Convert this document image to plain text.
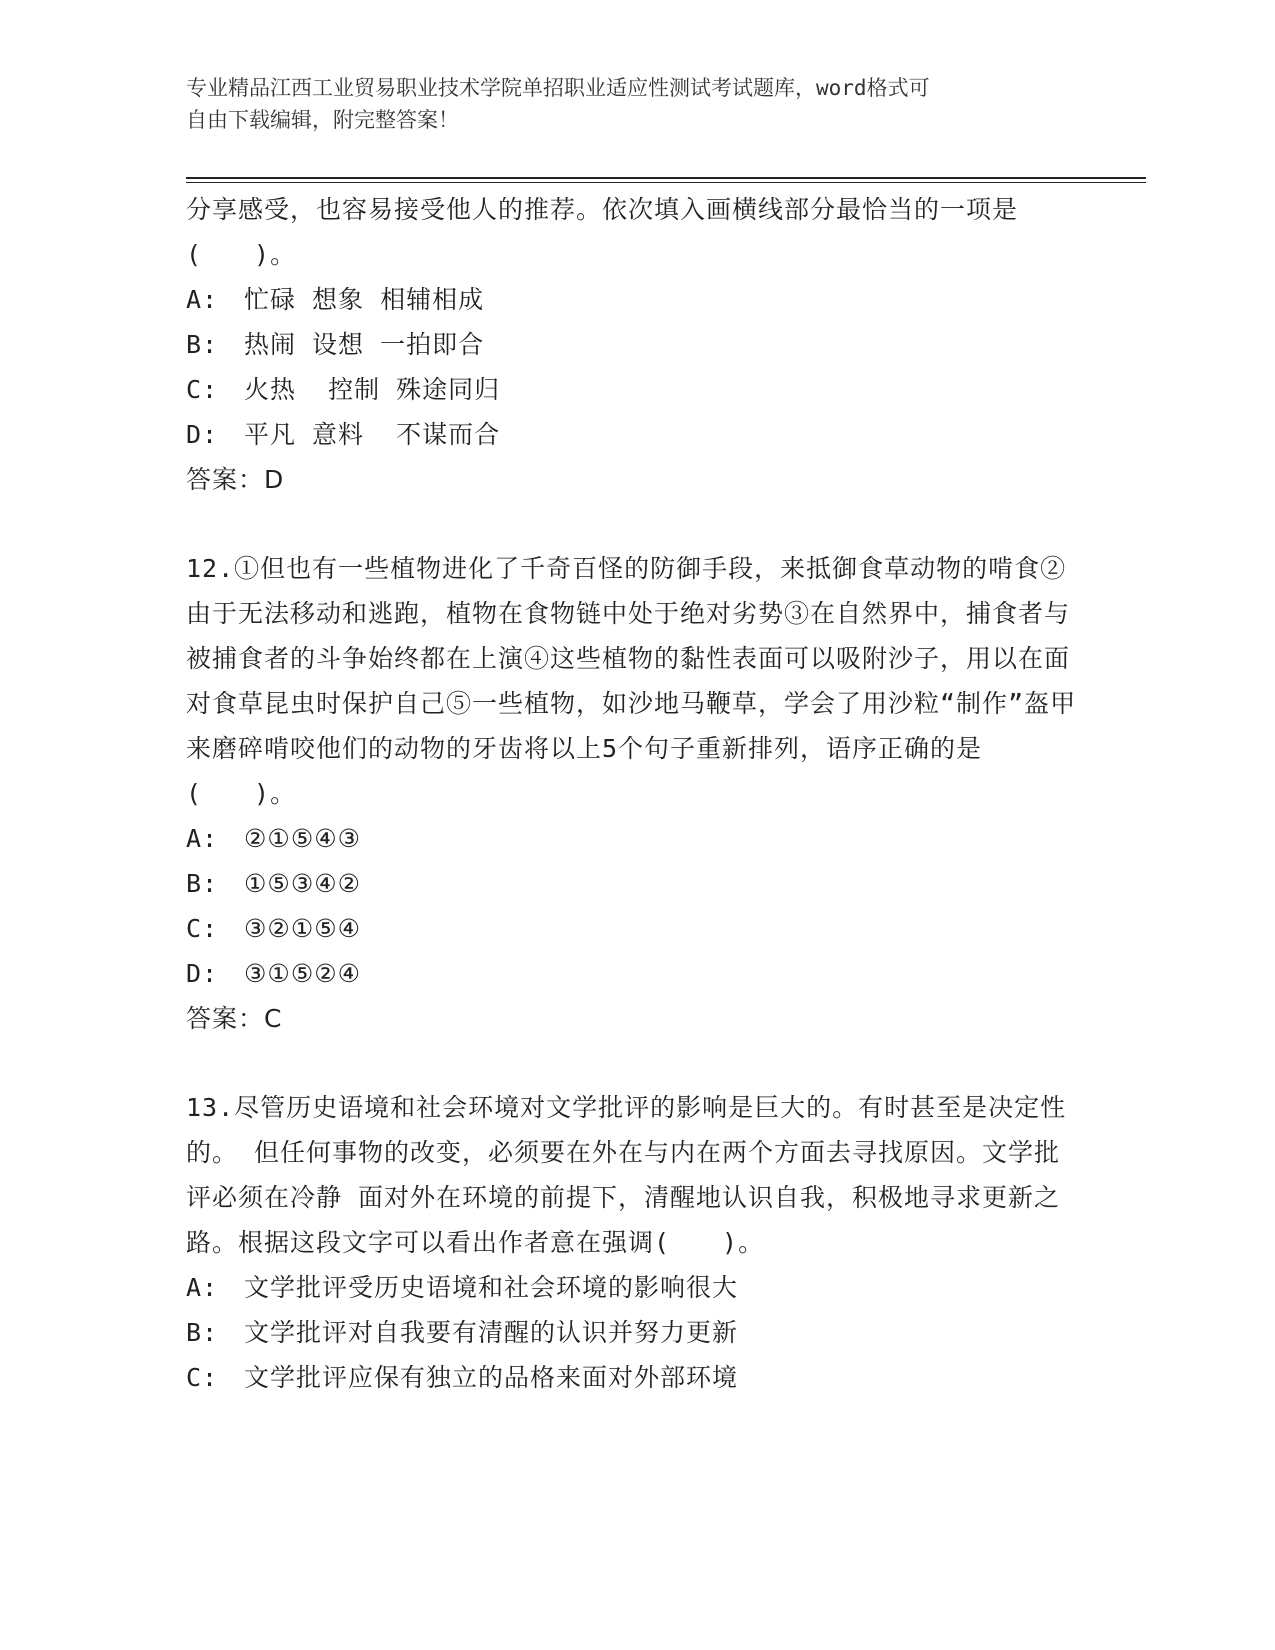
专业精品江西工业贸易职业技术学院单招职业适应性测试考试题库，word格式可
自由下载编辑，附完整答案！

分享感受，也容易接受他人的推荐。依次填入画横线部分最恰当的一项是(　　)。

A: 忙碌 想象 相辅相成

B: 热闹 设想 一拍即合

C: 火热  控制 殊途同归

D: 平凡 意料  不谋而合

答案：D

12.①但也有一些植物进化了千奇百怪的防御手段，来抵御食草动物的啃食②由于无法移动和逃跑，植物在食物链中处于绝对劣势③在自然界中，捕食者与被捕食者的斗争始终都在上演④这些植物的黏性表面可以吸附沙子，用以在面对食草昆虫时保护自己⑤一些植物，如沙地马鞭草，学会了用沙粒“制作”盔甲来磨碎啃咬他们的动物的牙齿将以上5个句子重新排列，语序正确的是(　　)。

A: ②①⑤④③

B: ①⑤③④②

C: ③②①⑤④

D: ③①⑤②④

答案：C

13.尽管历史语境和社会环境对文学批评的影响是巨大的。有时甚至是决定性的。 但任何事物的改变，必须要在外在与内在两个方面去寻找原因。文学批评必须在冷静 面对外在环境的前提下，清醒地认识自我，积极地寻求更新之路。根据这段文字可以看出作者意在强调(　　)。

A: 文学批评受历史语境和社会环境的影响很大

B: 文学批评对自我要有清醒的认识并努力更新

C: 文学批评应保有独立的品格来面对外部环境
